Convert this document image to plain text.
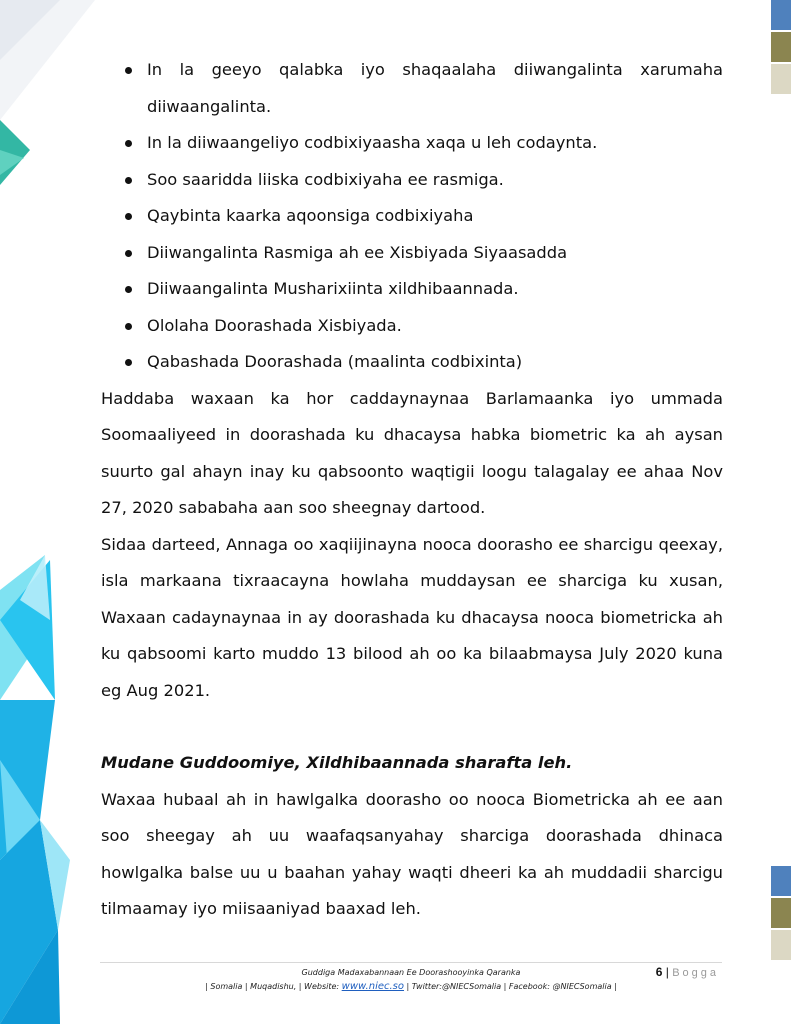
In la geeyo qalabka iyo shaqaalaha diiwangalinta xarumaha diiwaangalinta.
In la diiwaangeliyo codbixiyaasha xaqa u leh codaynta.
Soo saaridda liiska codbixiyaha ee rasmiga.
Qaybinta kaarka aqoonsiga codbixiyaha
Diiwangalinta Rasmiga ah ee Xisbiyada Siyaasadda
Diiwaangalinta Musharixiinta xildhibaannada.
Ololaha Doorashada Xisbiyada.
Qabashada Doorashada (maalinta codbixinta)

Haddaba waxaan ka hor caddaynaynaa Barlamaanka iyo ummada Soomaaliyeed in doorashada ku dhacaysa habka biometric ka ah aysan suurto gal ahayn inay ku qabsoonto waqtigii loogu talagalay ee ahaa Nov 27, 2020 sababaha aan soo sheegnay dartood.

Sidaa darteed, Annaga oo xaqiijinayna nooca doorasho ee sharcigu qeexay, isla markaana tixraacayna howlaha muddaysan ee sharciga ku xusan, Waxaan cadaynaynaa in ay doorashada ku dhacaysa nooca biometricka ah ku qabsoomi karto muddo 13 bilood ah oo ka bilaabmaysa July 2020 kuna eg Aug 2021.

Mudane Guddoomiye, Xildhibaannada sharafta leh.

Waxaa hubaal ah in hawlgalka doorasho oo nooca Biometricka ah ee aan soo sheegay ah uu waafaqsanyahay sharciga doorashada dhinaca howlgalka balse uu u baahan yahay waqti dheeri ka ah muddadii sharcigu tilmaamay iyo miisaaniyad baaxad leh.

Guddiga Madaxabannaan Ee Doorashooyinka Qaranka

| Somalia | Muqadishu, | Website: www.niec.so | Twitter:@NIECSomalia | Facebook: @NIECSomalia |

6 | Bogga
